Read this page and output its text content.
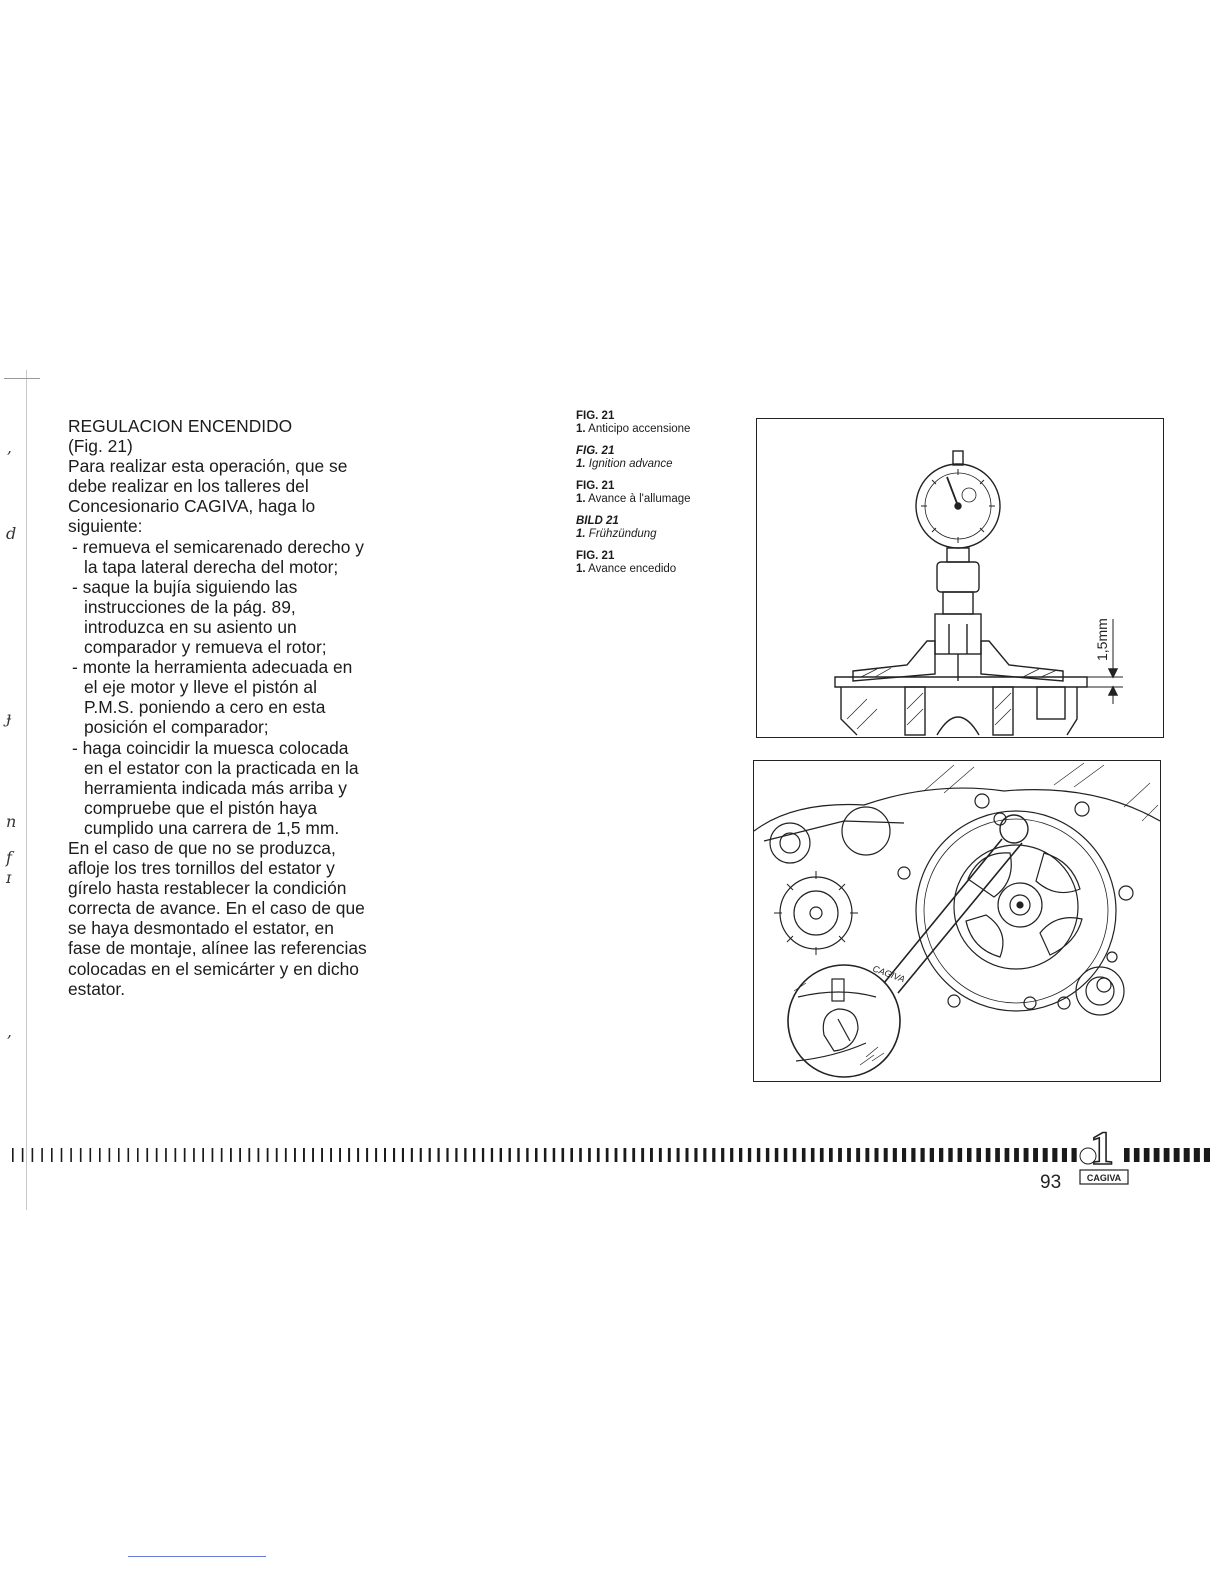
ʼ
d
ɟ
n
f
ɪ
ʼ

REGULACION ENCENDIDO

(Fig. 21)

Para realizar esta operación, que se debe realizar en los talleres del Concesionario CAGIVA, haga lo siguiente:

- remueva el semicarenado derecho y la tapa lateral derecha del motor;
- saque la bujía siguiendo las instrucciones de la pág. 89, introduzca en su asiento un comparador y remueva el rotor;
- monte la herramienta adecuada en el eje motor y lleve el pistón al P.M.S. poniendo a cero en esta posición el comparador;
- haga coincidir la muesca colocada en el estator con la practicada en la herramienta indicada más arriba y compruebe que el pistón haya cumplido una carrera de 1,5 mm.

En el caso de que no se produzca, afloje los tres tornillos del estator y gírelo hasta restablecer la condición correcta de avance. En el caso de que se haya desmontado el estator, en fase de montaje, alínee las referencias colocadas en el semicárter y en dicho estator.

FIG. 21
1. Anticipo accensione
FIG. 21
1. Ignition advance
FIG. 21
1. Avance à l'allumage
BILD 21
1. Frühzündung
FIG. 21
1. Avance encedido
1,5mm
CAGIVA
CAGIVA
1
93
